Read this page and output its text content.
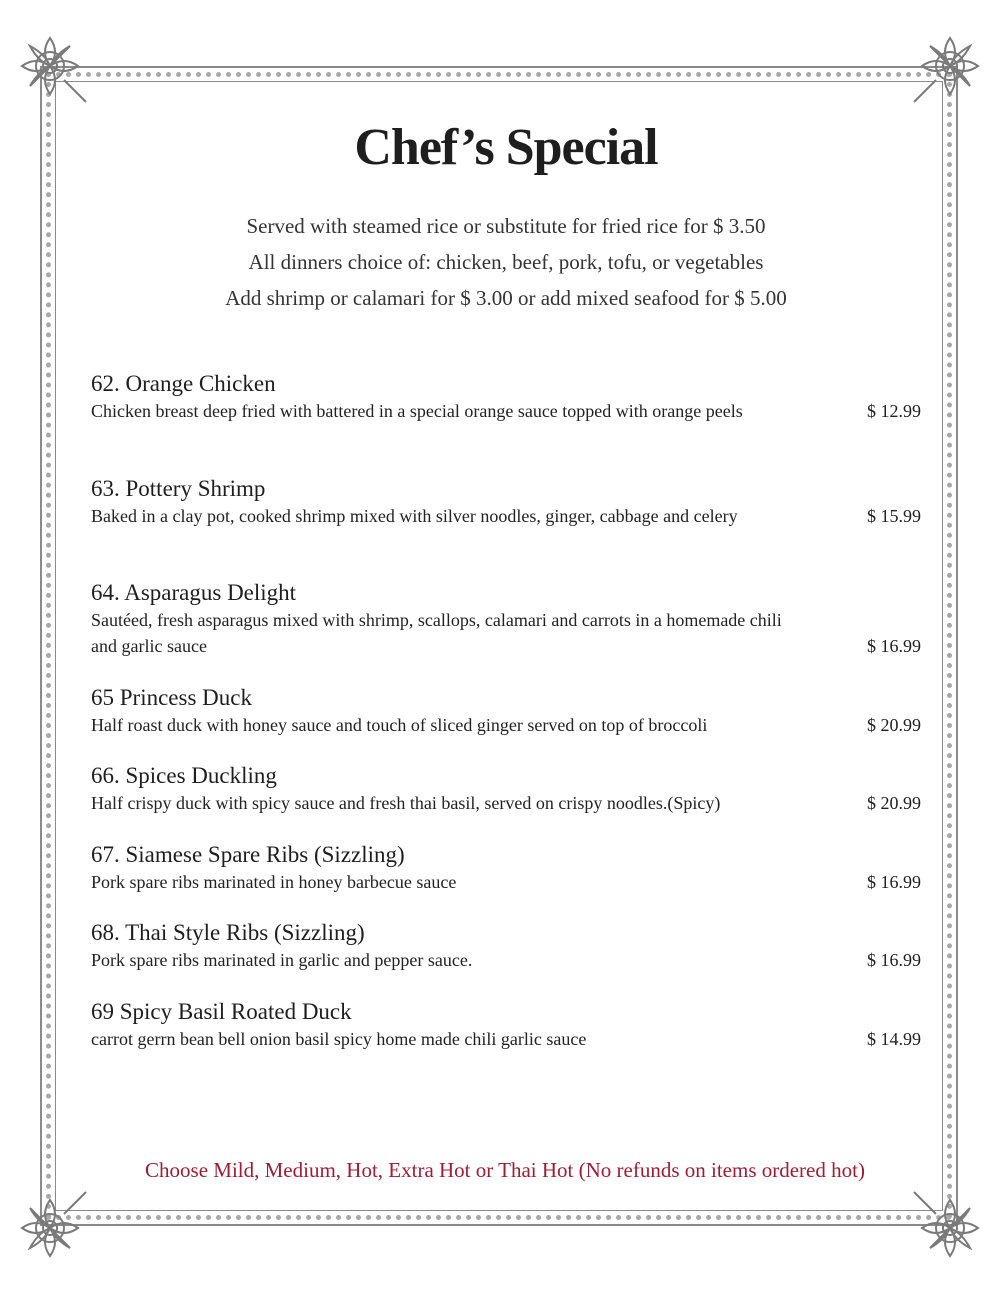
Chef’s Special
Served with steamed rice or substitute for fried rice for $ 3.50
All dinners choice of: chicken, beef, pork, tofu, or vegetables
Add shrimp or calamari for $ 3.00 or add mixed seafood for $ 5.00
62. Orange Chicken
Chicken breast deep fried with battered in a special orange sauce topped with orange peels	$ 12.99
63. Pottery Shrimp
Baked in a clay pot, cooked shrimp mixed with silver noodles, ginger, cabbage and celery	$ 15.99
64. Asparagus Delight
Sautéed, fresh asparagus mixed with shrimp, scallops, calamari and carrots in a homemade chili and garlic sauce	$ 16.99
65 Princess Duck
Half roast duck with honey sauce and touch of sliced ginger served on top of broccoli	$ 20.99
66. Spices Duckling
Half crispy duck with spicy sauce and fresh thai basil, served on crispy noodles.(Spicy)	$ 20.99
67. Siamese Spare Ribs (Sizzling)
Pork spare ribs marinated in honey barbecue sauce	$ 16.99
68. Thai Style Ribs (Sizzling)
Pork spare ribs marinated in garlic and pepper sauce.	$ 16.99
69 Spicy Basil Roated Duck
carrot gerrn bean bell onion basil spicy home made chili garlic sauce	$ 14.99
Choose Mild, Medium, Hot, Extra Hot or Thai Hot (No refunds on items ordered hot)
